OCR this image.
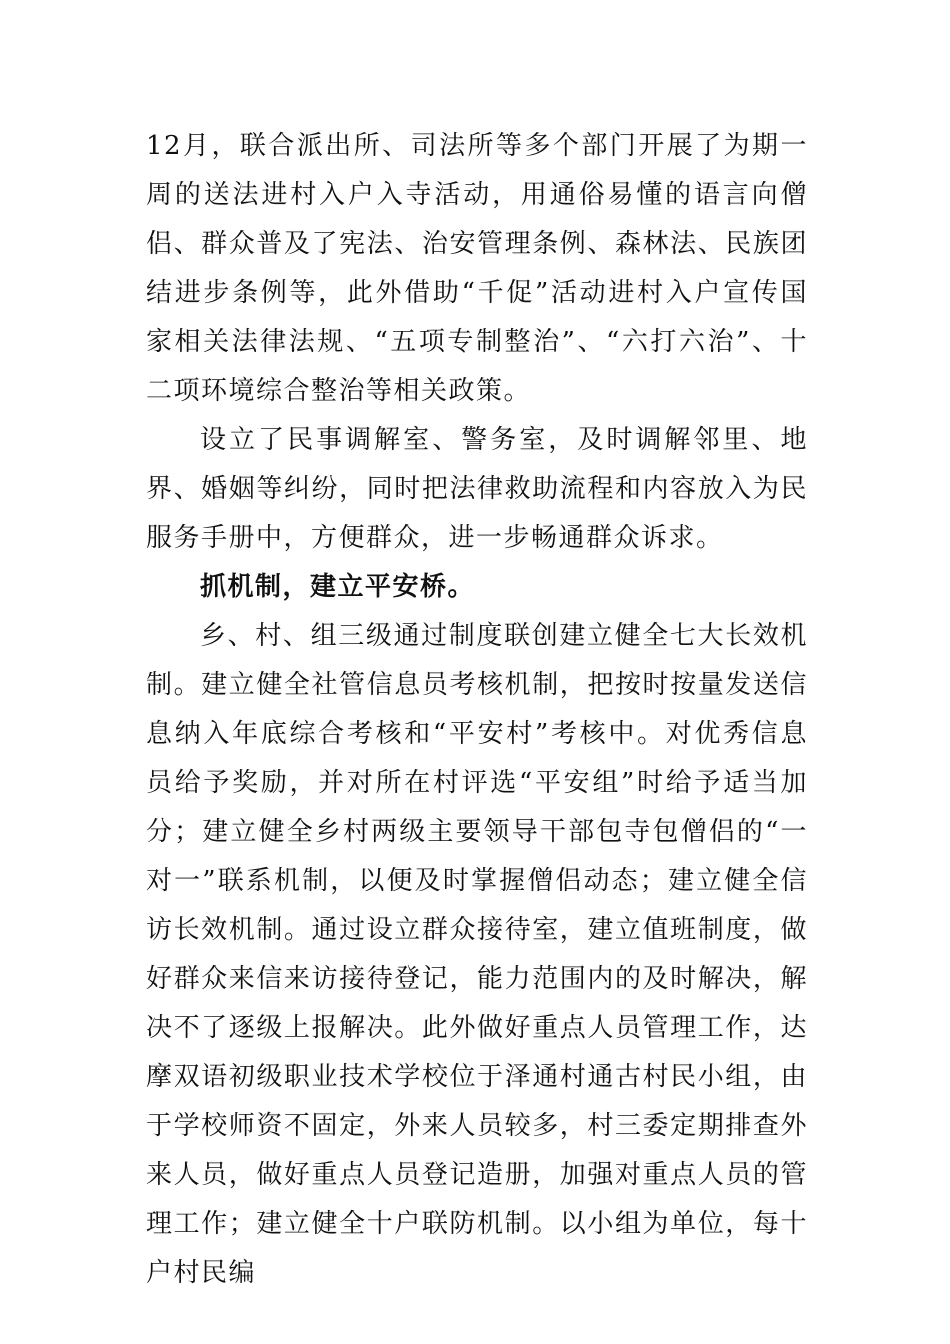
12月，联合派出所、司法所等多个部门开展了为期一周的送法进村入户入寺活动，用通俗易懂的语言向僧侣、群众普及了宪法、治安管理条例、森林法、民族团结进步条例等，此外借助“千促”活动进村入户宣传国家相关法律法规、“五项专制整治”、“六打六治”、十二项环境综合整治等相关政策。

设立了民事调解室、警务室，及时调解邻里、地界、婚姻等纠纷，同时把法律救助流程和内容放入为民服务手册中，方便群众，进一步畅通群众诉求。

抓机制，建立平安桥。

乡、村、组三级通过制度联创建立健全七大长效机制。建立健全社管信息员考核机制，把按时按量发送信息纳入年底综合考核和“平安村”考核中。对优秀信息员给予奖励，并对所在村评选“平安组”时给予适当加分；建立健全乡村两级主要领导干部包寺包僧侣的“一对一”联系机制，以便及时掌握僧侣动态；建立健全信访长效机制。通过设立群众接待室，建立值班制度，做好群众来信来访接待登记，能力范围内的及时解决，解决不了逐级上报解决。此外做好重点人员管理工作，达摩双语初级职业技术学校位于泽通村通古村民小组，由于学校师资不固定，外来人员较多，村三委定期排查外来人员，做好重点人员登记造册，加强对重点人员的管理工作；建立健全十户联防机制。以小组为单位，每十户村民编
